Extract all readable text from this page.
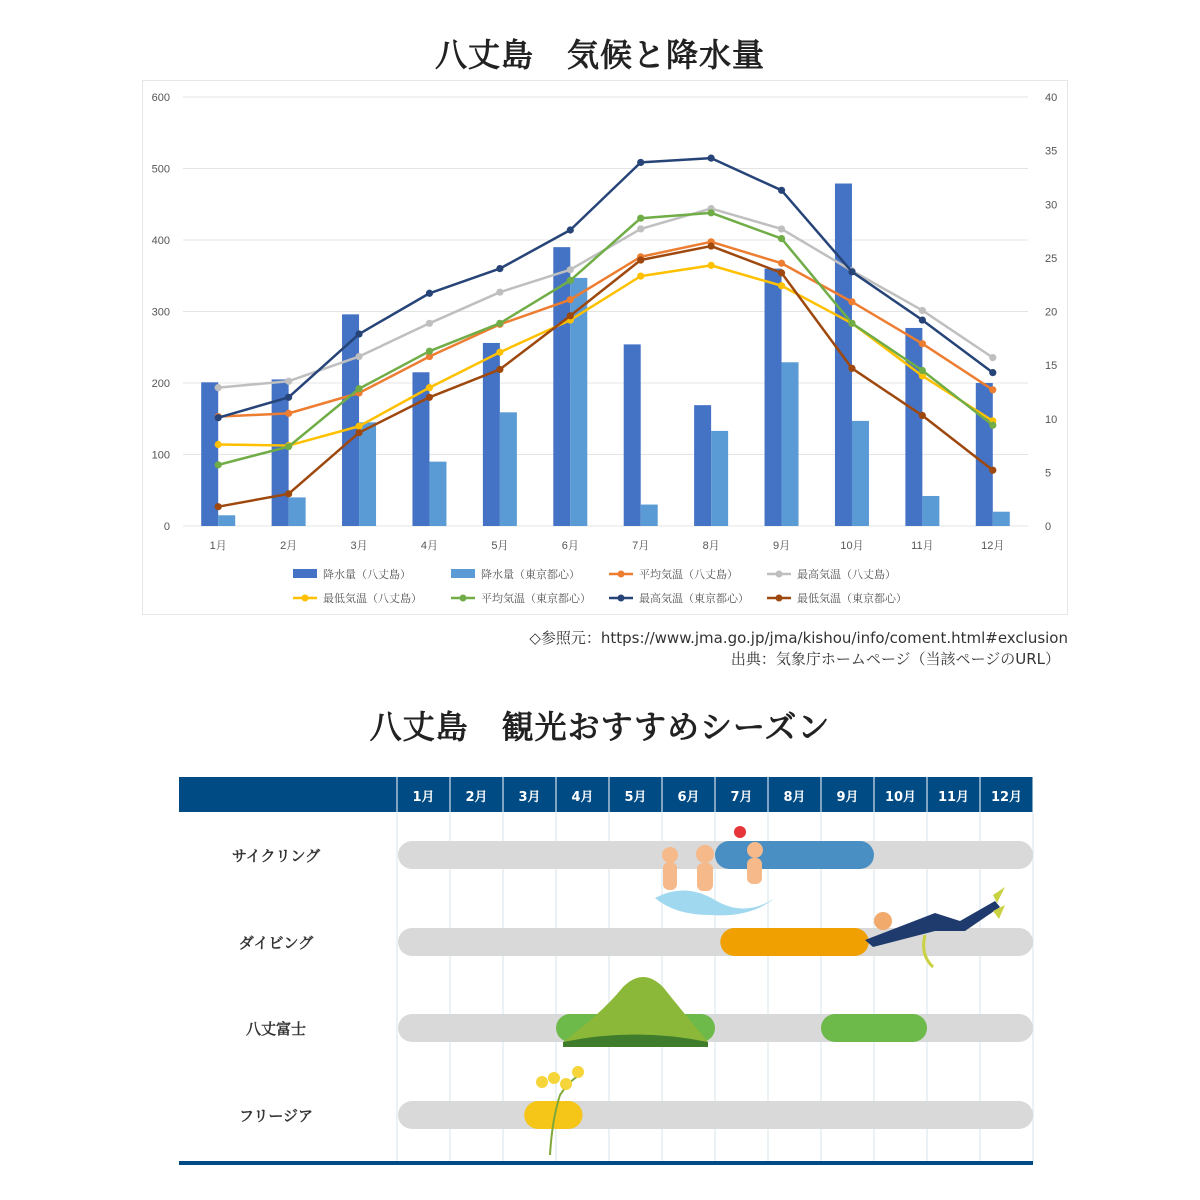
八丈島　気候と降水量
0
100
200
300
400
500
600
0
5
10
15
20
25
30
35
40
1月	2月	3月	4月	5月	6月	7月	8月	9月	10月	11月	12月
降水量（八丈島）	降水量（東京都心）	平均気温（八丈島）	最高気温（八丈島）
最低気温（八丈島）	平均気温（東京都心）	最高気温（東京都心）	最低気温（東京都心）
◇参照元：https://www.jma.go.jp/jma/kishou/info/coment.html#exclusion
出典：気象庁ホームページ（当該ページのURL）
八丈島　観光おすすめシーズン
1月 2月 3月 4月 5月 6月 7月 8月 9月 10月 11月 12月
サイクリング
ダイビング
八丈富士
フリージア
